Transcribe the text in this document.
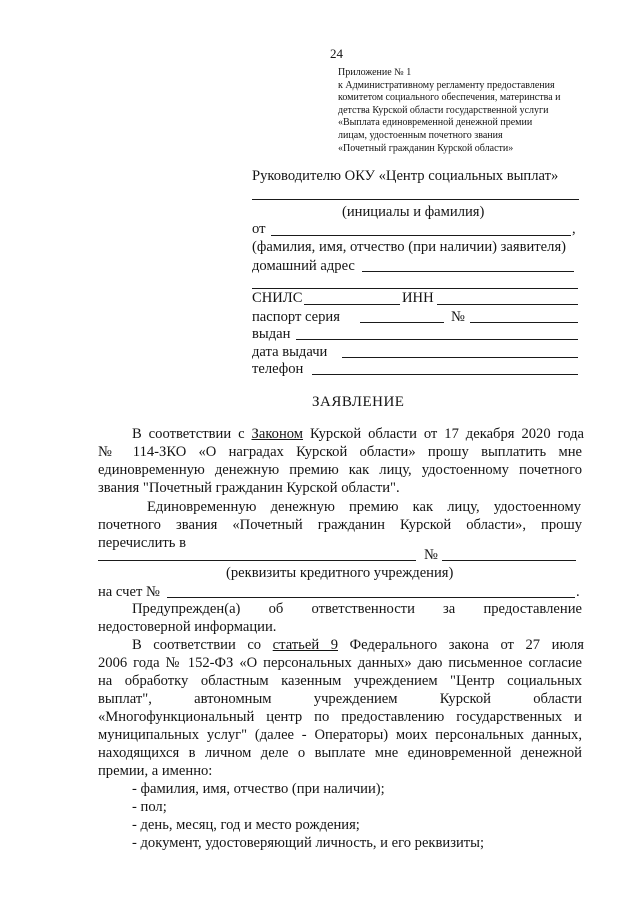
24
Приложение № 1
к Административному регламенту предоставления
комитетом социального обеспечения, материнства и
детства Курской области государственной услуги
«Выплата единовременной денежной премии
лицам, удостоенным почетного звания
«Почетный гражданин Курской области»
Руководителю ОКУ «Центр социальных выплат»
(инициалы и фамилия)
от	,
(фамилия, имя, отчество (при наличии) заявителя)
домашний адрес
СНИЛС	ИНН
паспорт серия	№
выдан
дата выдачи
телефон
ЗАЯВЛЕНИЕ
В соответствии с Законом Курской области от 17 декабря 2020 года
№ 114-ЗКО «О наградах Курской области» прошу выплатить мне
единовременную денежную премию как лицу, удостоенному почетного
звания "Почетный гражданин Курской области".
Единовременную денежную премию как лицу, удостоенному
почетного звания «Почетный гражданин Курской области», прошу
перечислить в
№
(реквизиты кредитного учреждения)
на счет №	.
Предупрежден(а) об ответственности за предоставление
недостоверной информации.
В соответствии со статьей 9 Федерального закона от 27 июля
2006 года № 152-ФЗ «О персональных данных» даю письменное согласие
на обработку областным казенным учреждением "Центр социальных
выплат", автономным учреждением Курской области
«Многофункциональный центр по предоставлению государственных и
муниципальных услуг" (далее - Операторы) моих персональных данных,
находящихся в личном деле о выплате мне единовременной денежной
премии, а именно:
- фамилия, имя, отчество (при наличии);
- пол;
- день, месяц, год и место рождения;
- документ, удостоверяющий личность, и его реквизиты;
